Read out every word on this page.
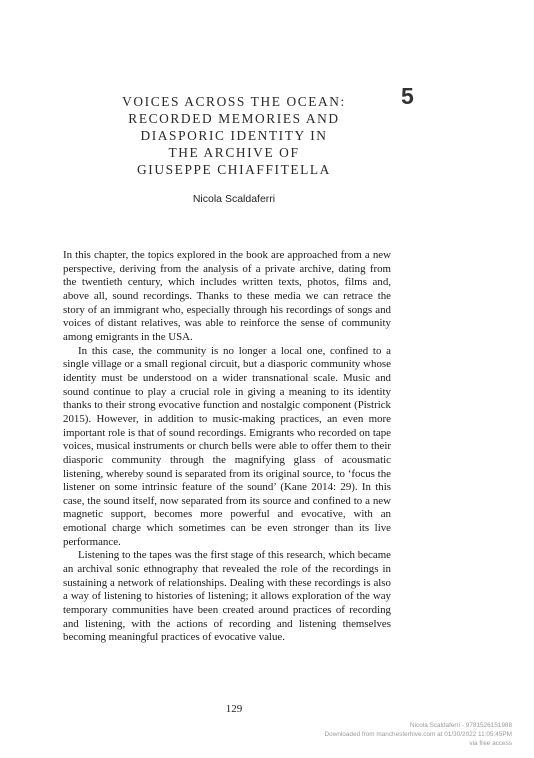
5
VOICES ACROSS THE OCEAN:
RECORDED MEMORIES AND
DIASPORIC IDENTITY IN
THE ARCHIVE OF
GIUSEPPE CHIAFFITELLA
Nicola Scaldaferri

In this chapter, the topics explored in the book are approached from a new perspective, deriving from the analysis of a private archive, dating from the twentieth century, which includes written texts, photos, films and, above all, sound recordings. Thanks to these media we can retrace the story of an immigrant who, especially through his recordings of songs and voices of distant relatives, was able to reinforce the sense of community among emigrants in the USA.

In this case, the community is no longer a local one, confined to a single village or a small regional circuit, but a diasporic community whose identity must be understood on a wider transnational scale. Music and sound continue to play a crucial role in giving a meaning to its identity thanks to their strong evocative function and nostalgic component (Pistrick 2015). However, in addition to music-making practices, an even more important role is that of sound recordings. Emigrants who recorded on tape voices, musical instruments or church bells were able to offer them to their diasporic community through the magnifying glass of acousmatic listening, whereby sound is separated from its original source, to ‘focus the listener on some intrinsic feature of the sound’ (Kane 2014: 29). In this case, the sound itself, now separated from its source and confined to a new magnetic support, becomes more powerful and evocative, with an emotional charge which sometimes can be even stronger than its live performance.

Listening to the tapes was the first stage of this research, which became an archival sonic ethnography that revealed the role of the recordings in sustaining a network of relationships. Dealing with these recordings is also a way of listening to histories of listening; it allows exploration of the way temporary communities have been created around practices of recording and listening, with the actions of recording and listening themselves becoming meaningful practices of evocative value.

129
Nicola Scaldaferri - 9781526151988
Downloaded from manchesterhive.com at 01/30/2022 11:05:45PM
via free access
